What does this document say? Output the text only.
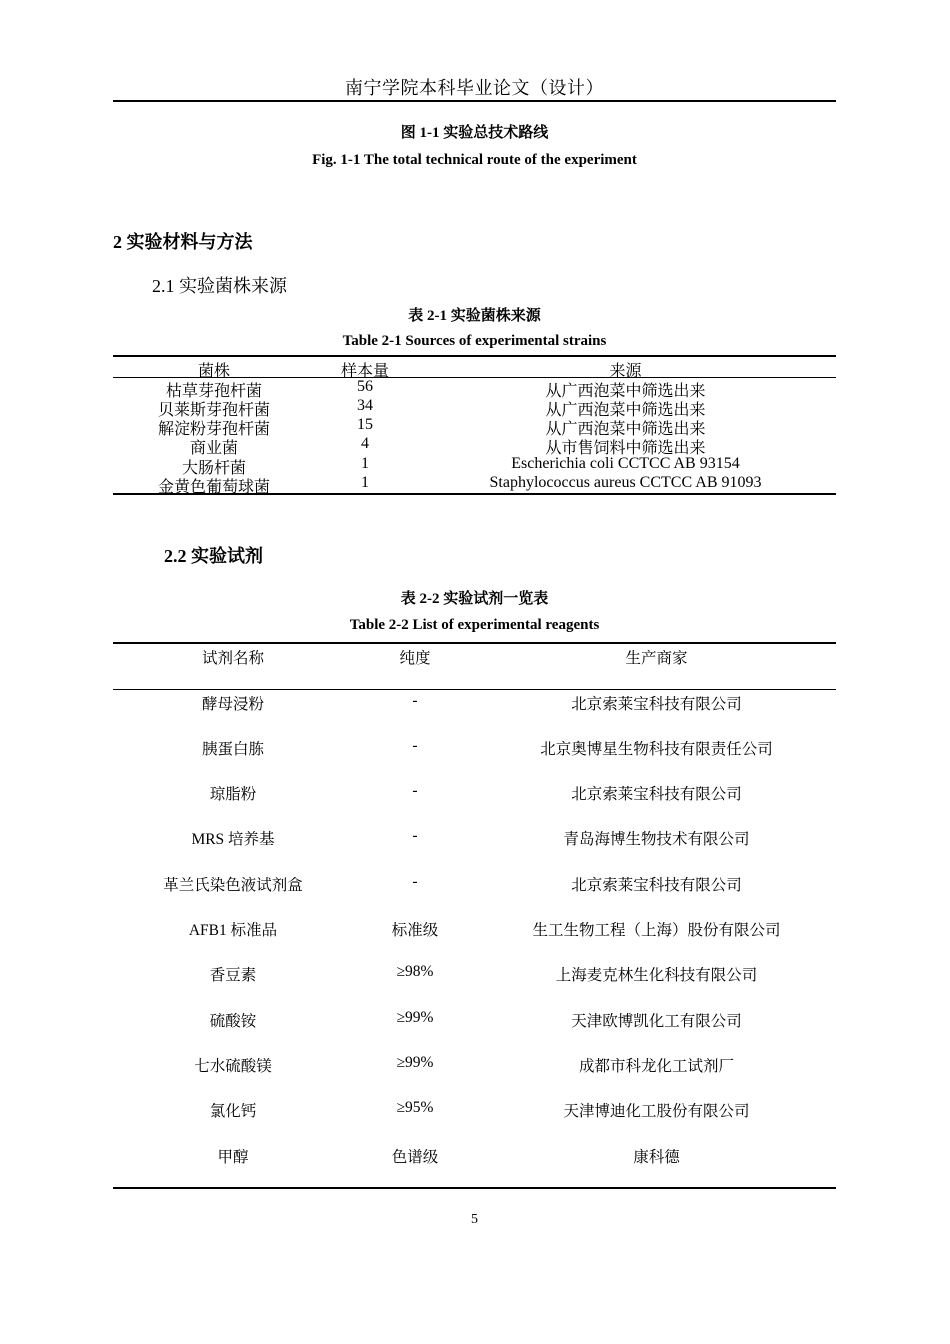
南宁学院本科毕业论文（设计）
图 1-1 实验总技术路线
Fig. 1-1 The total technical route of the experiment
2 实验材料与方法
2.1 实验菌株来源
表 2-1 实验菌株来源
Table 2-1 Sources of experimental strains
菌株	样本量	来源
枯草芽孢杆菌	56	从广西泡菜中筛选出来
贝莱斯芽孢杆菌	34	从广西泡菜中筛选出来
解淀粉芽孢杆菌	15	从广西泡菜中筛选出来
商业菌	4	从市售饲料中筛选出来
大肠杆菌	1	Escherichia coli CCTCC AB 93154
金黄色葡萄球菌	1	Staphylococcus aureus CCTCC AB 91093
2.2 实验试剂
表 2-2 实验试剂一览表
Table 2-2 List of experimental reagents
试剂名称	纯度	生产商家
酵母浸粉	-	北京索莱宝科技有限公司
胰蛋白胨	-	北京奥博星生物科技有限责任公司
琼脂粉	-	北京索莱宝科技有限公司
MRS 培养基	-	青岛海博生物技术有限公司
革兰氏染色液试剂盒	-	北京索莱宝科技有限公司
AFB1 标准品	标准级	生工生物工程（上海）股份有限公司
香豆素	≥98%	上海麦克林生化科技有限公司
硫酸铵	≥99%	天津欧博凯化工有限公司
七水硫酸镁	≥99%	成都市科龙化工试剂厂
氯化钙	≥95%	天津博迪化工股份有限公司
甲醇	色谱级	康科德
5
